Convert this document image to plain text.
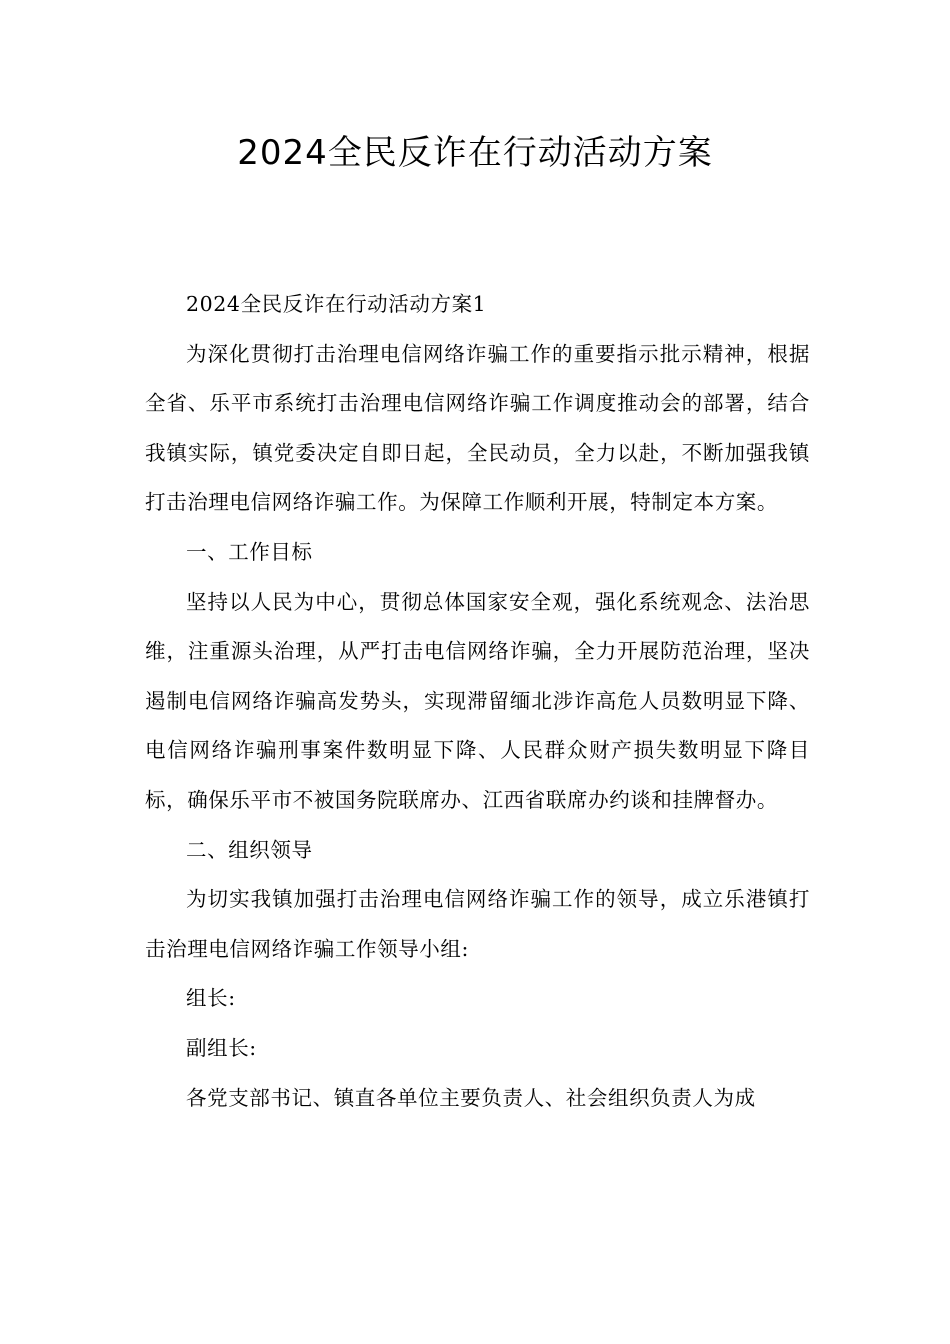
2024全民反诈在行动活动方案

2024全民反诈在行动活动方案1

为深化贯彻打击治理电信网络诈骗工作的重要指示批示精神，根据全省、乐平市系统打击治理电信网络诈骗工作调度推动会的部署，结合我镇实际，镇党委决定自即日起，全民动员，全力以赴，不断加强我镇打击治理电信网络诈骗工作。为保障工作顺利开展，特制定本方案。

一、工作目标

坚持以人民为中心，贯彻总体国家安全观，强化系统观念、法治思维，注重源头治理，从严打击电信网络诈骗，全力开展防范治理，坚决遏制电信网络诈骗高发势头，实现滞留缅北涉诈高危人员数明显下降、电信网络诈骗刑事案件数明显下降、人民群众财产损失数明显下降目标，确保乐平市不被国务院联席办、江西省联席办约谈和挂牌督办。

二、组织领导

为切实我镇加强打击治理电信网络诈骗工作的领导，成立乐港镇打击治理电信网络诈骗工作领导小组:

组长:

副组长:

各党支部书记、镇直各单位主要负责人、社会组织负责人为成
